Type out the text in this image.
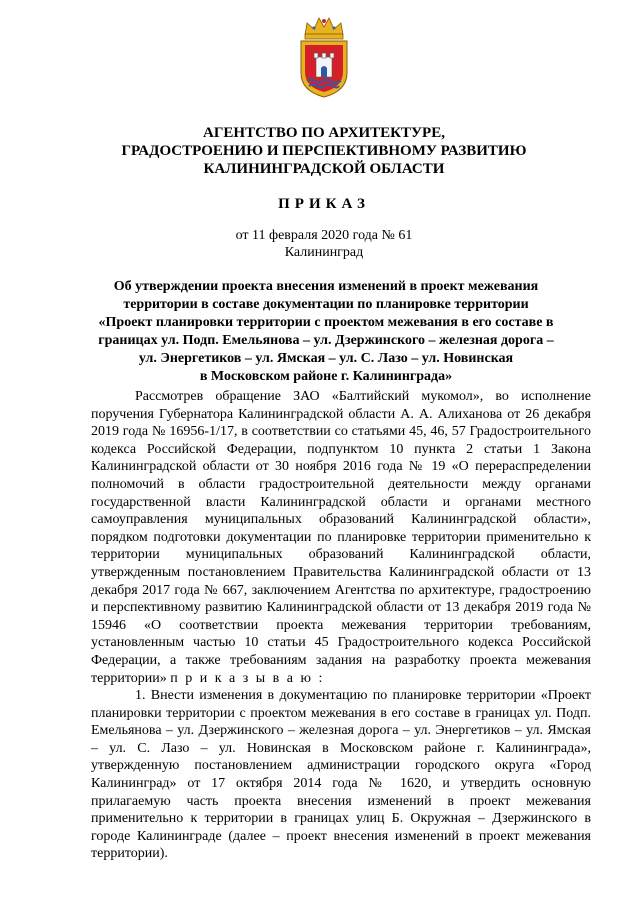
АГЕНТСТВО ПО АРХИТЕКТУРЕ,
ГРАДОСТРОЕНИЮ И ПЕРСПЕКТИВНОМУ РАЗВИТИЮ
КАЛИНИНГРАДСКОЙ ОБЛАСТИ
ПРИКАЗ
от 11 февраля 2020 года № 61
Калининград
Об утверждении проекта внесения изменений в проект межевания
территории в составе документации по планировке территории
«Проект планировки территории с проектом межевания в его составе в
границах ул. Подп. Емельянова – ул. Дзержинского – железная дорога –
ул. Энергетиков – ул. Ямская – ул. С. Лазо – ул. Новинская
в Московском районе г. Калининграда»

Рассмотрев обращение ЗАО «Балтийский мукомол», во исполнение поручения Губернатора Калининградской области А. А. Алиханова от 26 декабря 2019 года № 16956-1/17, в соответствии со статьями 45, 46, 57 Градостроительного кодекса Российской Федерации, подпунктом 10 пункта 2 статьи 1 Закона Калининградской области от 30 ноября 2016 года № 19 «О перераспределении полномочий в области градостроительной деятельности между органами государственной власти Калининградской области и органами местного самоуправления муниципальных образований Калининградской области», порядком подготовки документации по планировке территории применительно к территории муниципальных образований Калининградской области, утвержденным постановлением Правительства Калининградской области от 13 декабря 2017 года № 667, заключением Агентства по архитектуре, градостроению и перспективному развитию Калининградской области от 13 декабря 2019 года № 15946 «О соответствии проекта межевания территории требованиям, установленным частью 10 статьи 45 Градостроительного кодекса Российской Федерации, а также требованиям задания на разработку проекта межевания территории» п р и к а з ы в а ю :

1. Внести изменения в документацию по планировке территории «Проект планировки территории с проектом межевания в его составе в границах ул. Подп. Емельянова – ул. Дзержинского – железная дорога – ул. Энергетиков – ул. Ямская – ул. С. Лазо – ул. Новинская в Московском районе г. Калининграда», утвержденную постановлением администрации городского округа «Город Калининград» от 17 октября 2014 года № 1620, и утвердить основную прилагаемую часть проекта внесения изменений в проект межевания применительно к территории в границах улиц Б. Окружная – Дзержинского в городе Калининграде (далее – проект внесения изменений в проект межевания территории).
